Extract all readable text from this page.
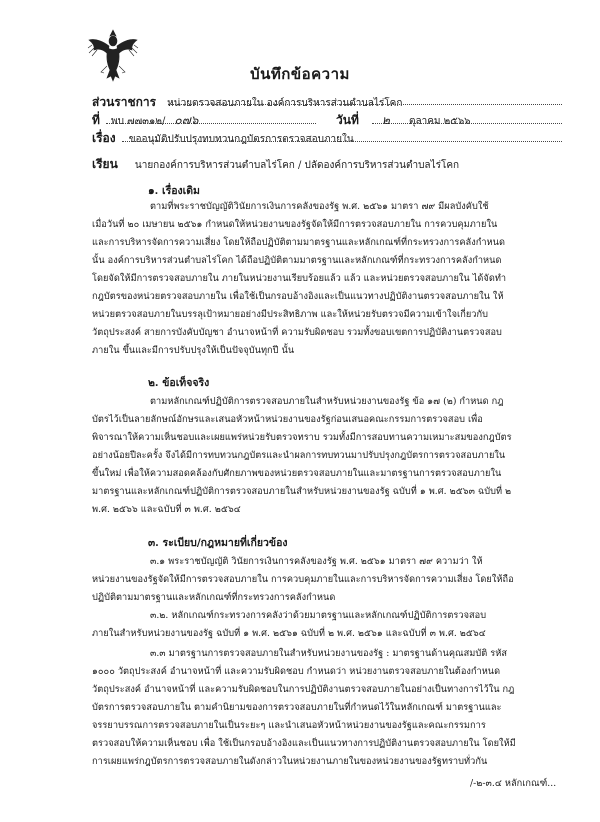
บันทึกข้อความ
ส่วนราชการ หน่วยตรวจสอบภายใน องค์การบริหารส่วนตำบลไร่โคก
ที่ พบ ๗๗๓๑๒/ ๐๗๖	วันที่ ๒ ตุลาคม ๒๕๖๖
เรื่อง ขออนุมัติปรับปรุงทบทวนกฎบัตรการตรวจสอบภายใน
เรียน นายกองค์การบริหารส่วนตำบลไร่โคก / ปลัดองค์การบริหารส่วนตำบลไร่โคก
๑. เรื่องเดิม
ตามที่พระราชบัญญัติวินัยการเงินการคลังของรัฐ พ.ศ. ๒๕๖๑ มาตรา ๗๙ มีผลบังคับใช้
เมื่อวันที่ ๒๐ เมษายน ๒๕๖๑ กำหนดให้หน่วยงานของรัฐจัดให้มีการตรวจสอบภายใน การควบคุมภายใน
และการบริหารจัดการความเสี่ยง โดยให้ถือปฏิบัติตามมาตรฐานและหลักเกณฑ์ที่กระทรวงการคลังกำหนด
นั้น องค์การบริหารส่วนตำบลไร่โคก ได้ถือปฏิบัติตามมาตรฐานและหลักเกณฑ์ที่กระทรวงการคลังกำหนด
โดยจัดให้มีการตรวจสอบภายใน ภายในหน่วยงานเรียบร้อยแล้ว แล้ว และหน่วยตรวจสอบภายใน ได้จัดทำ
กฎบัตรของหน่วยตรวจสอบภายใน เพื่อใช้เป็นกรอบอ้างอิงและเป็นแนวทางปฏิบัติงานตรวจสอบภายใน ให้
หน่วยตรวจสอบภายในบรรลุเป้าหมายอย่างมีประสิทธิภาพ และให้หน่วยรับตรวจมีความเข้าใจเกี่ยวกับ
วัตถุประสงค์ สายการบังคับบัญชา อำนาจหน้าที่ ความรับผิดชอบ รวมทั้งขอบเขตการปฏิบัติงานตรวจสอบ
ภายใน ขึ้นและมีการปรับปรุงให้เป็นปัจจุบันทุกปี นั้น
๒. ข้อเท็จจริง
ตามหลักเกณฑ์ปฏิบัติการตรวจสอบภายในสำหรับหน่วยงานของรัฐ ข้อ ๑๗ (๒) กำหนด กฎ
บัตรไว้เป็นลายลักษณ์อักษรและเสนอหัวหน้าหน่วยงานของรัฐก่อนเสนอคณะกรรมการตรวจสอบ เพื่อ
พิจารณาให้ความเห็นชอบและเผยแพร่หน่วยรับตรวจทราบ รวมทั้งมีการสอบทานความเหมาะสมของกฎบัตร
อย่างน้อยปีละครั้ง จึงได้มีการทบทวนกฎบัตรและนำผลการทบทวนมาปรับปรุงกฎบัตรการตรวจสอบภายใน
ขึ้นใหม่ เพื่อให้ความสอดคล้องกับศักยภาพของหน่วยตรวจสอบภายในและมาตรฐานการตรวจสอบภายใน
มาตรฐานและหลักเกณฑ์ปฏิบัติการตรวจสอบภายในสำหรับหน่วยงานของรัฐ ฉบับที่ ๑ พ.ศ. ๒๕๖๓ ฉบับที่ ๒
พ.ศ. ๒๕๖๖ และฉบับที่ ๓ พ.ศ. ๒๕๖๔
๓. ระเบียบ/กฎหมายที่เกี่ยวข้อง
๓.๑ พระราชบัญญัติ วินัยการเงินการคลังของรัฐ พ.ศ. ๒๕๖๑ มาตรา ๗๙ ความว่า ให้
หน่วยงานของรัฐจัดให้มีการตรวจสอบภายใน การควบคุมภายในและการบริหารจัดการความเสี่ยง โดยให้ถือ
ปฏิบัติตามมาตรฐานและหลักเกณฑ์ที่กระทรวงการคลังกำหนด
๓.๒. หลักเกณฑ์กระทรวงการคลังว่าด้วยมาตรฐานและหลักเกณฑ์ปฏิบัติการตรวจสอบ
ภายในสำหรับหน่วยงานของรัฐ ฉบับที่ ๑ พ.ศ. ๒๕๖๑ ฉบับที่ ๒ พ.ศ. ๒๕๖๑ และฉบับที่ ๓ พ.ศ. ๒๕๖๔
๓.๓ มาตรฐานการตรวจสอบภายในสำหรับหน่วยงานของรัฐ : มาตรฐานด้านคุณสมบัติ รหัส
๑๐๐๐ วัตถุประสงค์ อำนาจหน้าที่ และความรับผิดชอบ กำหนดว่า หน่วยงานตรวจสอบภายในต้องกำหนด
วัตถุประสงค์ อำนาจหน้าที่ และความรับผิดชอบในการปฏิบัติงานตรวจสอบภายในอย่างเป็นทางการไว้ใน กฎ
บัตรการตรวจสอบภายใน ตามคำนิยามของการตรวจสอบภายในที่กำหนดไว้ในหลักเกณฑ์ มาตรฐานและ
จรรยาบรรณการตรวจสอบภายในเป็นระยะๆ และนำเสนอหัวหน้าหน่วยงานของรัฐและคณะกรรมการ
ตรวจสอบให้ความเห็นชอบ เพื่อ ใช้เป็นกรอบอ้างอิงและเป็นแนวทางการปฏิบัติงานตรวจสอบภายใน โดยให้มี
การเผยแพร่กฎบัตรการตรวจสอบภายในดังกล่าวในหน่วยงานภายในของหน่วยงานของรัฐทราบทั่วกัน
/-๒-๓.๔ หลักเกณฑ์...
